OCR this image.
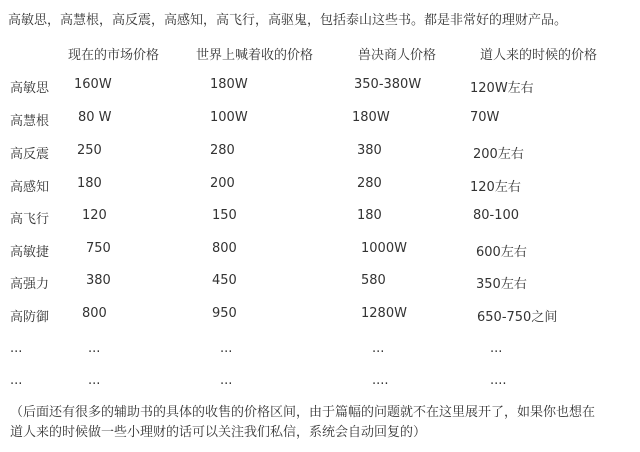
高敏思，高慧根，高反震，高感知，高飞行，高驱鬼，包括泰山这些书。都是非常好的理财产品。
现在的市场价格	世界上喊着收的价格	兽决商人价格	道人来的时候的价格
高敏思 160W	180W	350-380W	120W左右
高慧根 80 W	100W	180W	70W
高反震 250	280	380	200左右
高感知 180	200	280	120左右
高飞行	120	150	180	80-100
高敏捷	750	800	1000W	600左右
高强力	380	450	580	350左右
高防御	800	950	1280W	650-750之间
...	...	...	...	...
...	...	...	....	....
（后面还有很多的辅助书的具体的收售的价格区间，由于篇幅的问题就不在这里展开了，如果你也想在
道人来的时候做一些小理财的话可以关注我们私信，系统会自动回复的）
